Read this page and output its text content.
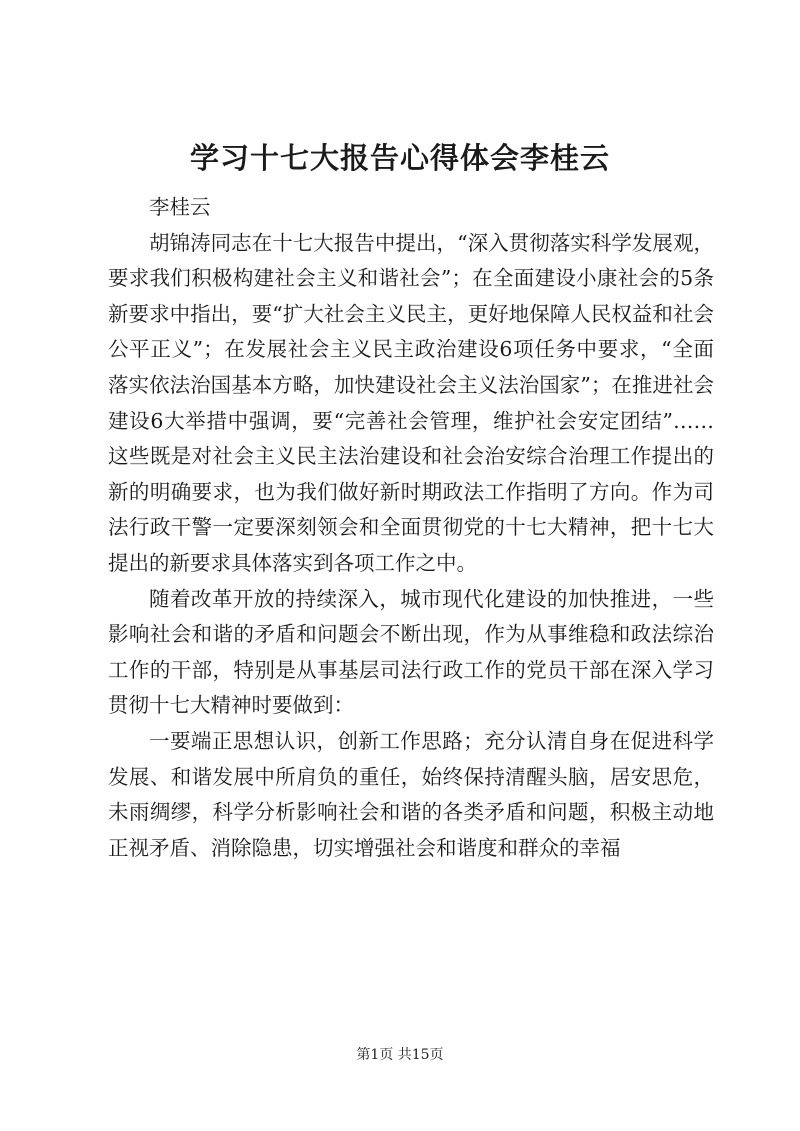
学习十七大报告心得体会李桂云

李桂云

胡锦涛同志在十七大报告中提出，“深入贯彻落实科学发展观，要求我们积极构建社会主义和谐社会”；在全面建设小康社会的5条新要求中指出，要“扩大社会主义民主，更好地保障人民权益和社会公平正义”；在发展社会主义民主政治建设6项任务中要求，“全面落实依法治国基本方略，加快建设社会主义法治国家”；在推进社会建设6大举措中强调，要“完善社会管理，维护社会安定团结”……这些既是对社会主义民主法治建设和社会治安综合治理工作提出的新的明确要求，也为我们做好新时期政法工作指明了方向。作为司法行政干警一定要深刻领会和全面贯彻党的十七大精神，把十七大提出的新要求具体落实到各项工作之中。

随着改革开放的持续深入，城市现代化建设的加快推进，一些影响社会和谐的矛盾和问题会不断出现，作为从事维稳和政法综治工作的干部，特别是从事基层司法行政工作的党员干部在深入学习贯彻十七大精神时要做到：

一要端正思想认识，创新工作思路；充分认清自身在促进科学发展、和谐发展中所肩负的重任，始终保持清醒头脑，居安思危，未雨绸缪，科学分析影响社会和谐的各类矛盾和问题，积极主动地正视矛盾、消除隐患，切实增强社会和谐度和群众的幸福

第1页 共15页
